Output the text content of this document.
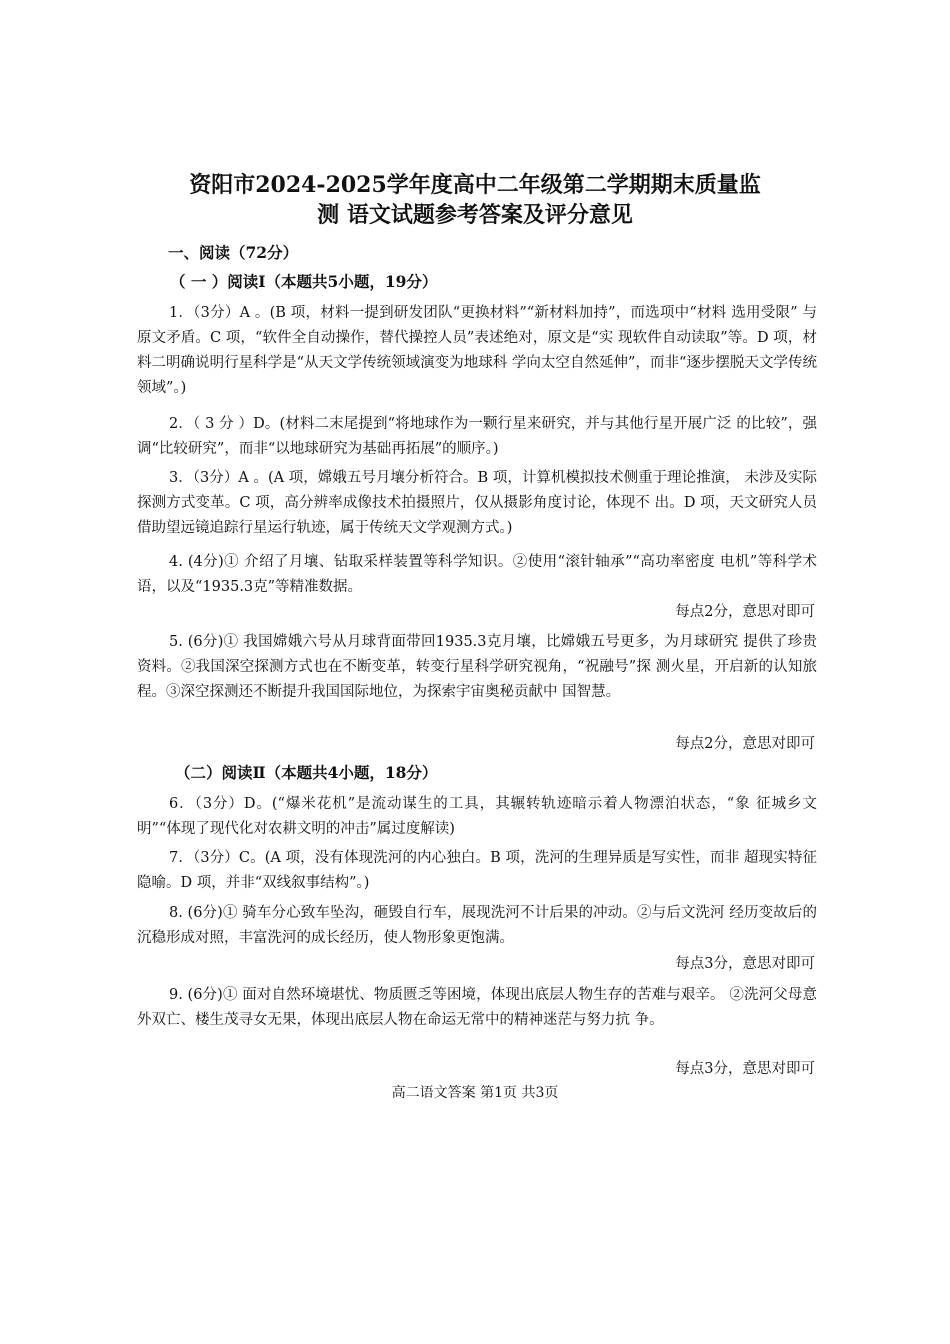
资阳市2024-2025学年度高中二年级第二学期期末质量监

测 语文试题参考答案及评分意见

一、阅读（72分）

（ 一 ）阅读Ⅰ（本题共5小题，19分）

1．（3分）A 。(B 项，材料一提到研发团队“更换材料”“新材料加持”，而选项中“材料 选用受限” 与原文矛盾。C 项，“软件全自动操作，替代操控人员”表述绝对，原文是“实 现软件自动读取”等。D 项，材料二明确说明行星科学是“从天文学传统领域演变为地球科 学向太空自然延伸”，而非“逐步摆脱天文学传统领域”。)

2．（ 3 分 ）D。(材料二末尾提到“将地球作为一颗行星来研究，并与其他行星开展广泛 的比较”，强调“比较研究”，而非“以地球研究为基础再拓展”的顺序。)

3．（3分）A 。(A 项，嫦娥五号月壤分析符合。B 项，计算机模拟技术侧重于理论推演， 未涉及实际探测方式变革。C 项，高分辨率成像技术拍摄照片，仅从摄影角度讨论，体现不 出。D 项，天文研究人员借助望远镜追踪行星运行轨迹，属于传统天文学观测方式。)

4. (4分)① 介绍了月壤、钻取采样装置等科学知识。②使用“滚针轴承”“高功率密度 电机”等科学术语，以及“1935.3克”等精准数据。

每点2分，意思对即可

5. (6分)① 我国嫦娥六号从月球背面带回1935.3克月壤，比嫦娥五号更多，为月球研究 提供了珍贵资料。②我国深空探测方式也在不断变革，转变行星科学研究视角，“祝融号”探 测火星，开启新的认知旅程。③深空探测还不断提升我国国际地位，为探索宇宙奥秘贡献中 国智慧。

每点2分，意思对即可

（二）阅读Ⅱ（本题共4小题，18分）

6．（3分）D。(“爆米花机”是流动谋生的工具，其辗转轨迹暗示着人物漂泊状态，“象 征城乡文明”“体现了现代化对农耕文明的冲击”属过度解读)

7．（3分）C。(A 项，没有体现洗河的内心独白。B 项，洗河的生理异质是写实性，而非 超现实特征隐喻。D 项，并非“双线叙事结构”。)

8. (6分)① 骑车分心致车坠沟，砸毁自行车，展现洗河不计后果的冲动。②与后文洗河 经历变故后的沉稳形成对照，丰富洗河的成长经历，使人物形象更饱满。

每点3分，意思对即可

9. (6分)① 面对自然环境堪忧、物质匮乏等困境，体现出底层人物生存的苦难与艰辛。 ②洗河父母意外双亡、楼生茂寻女无果，体现出底层人物在命运无常中的精神迷茫与努力抗 争。

每点3分，意思对即可

高二语文答案 第1页 共3页
